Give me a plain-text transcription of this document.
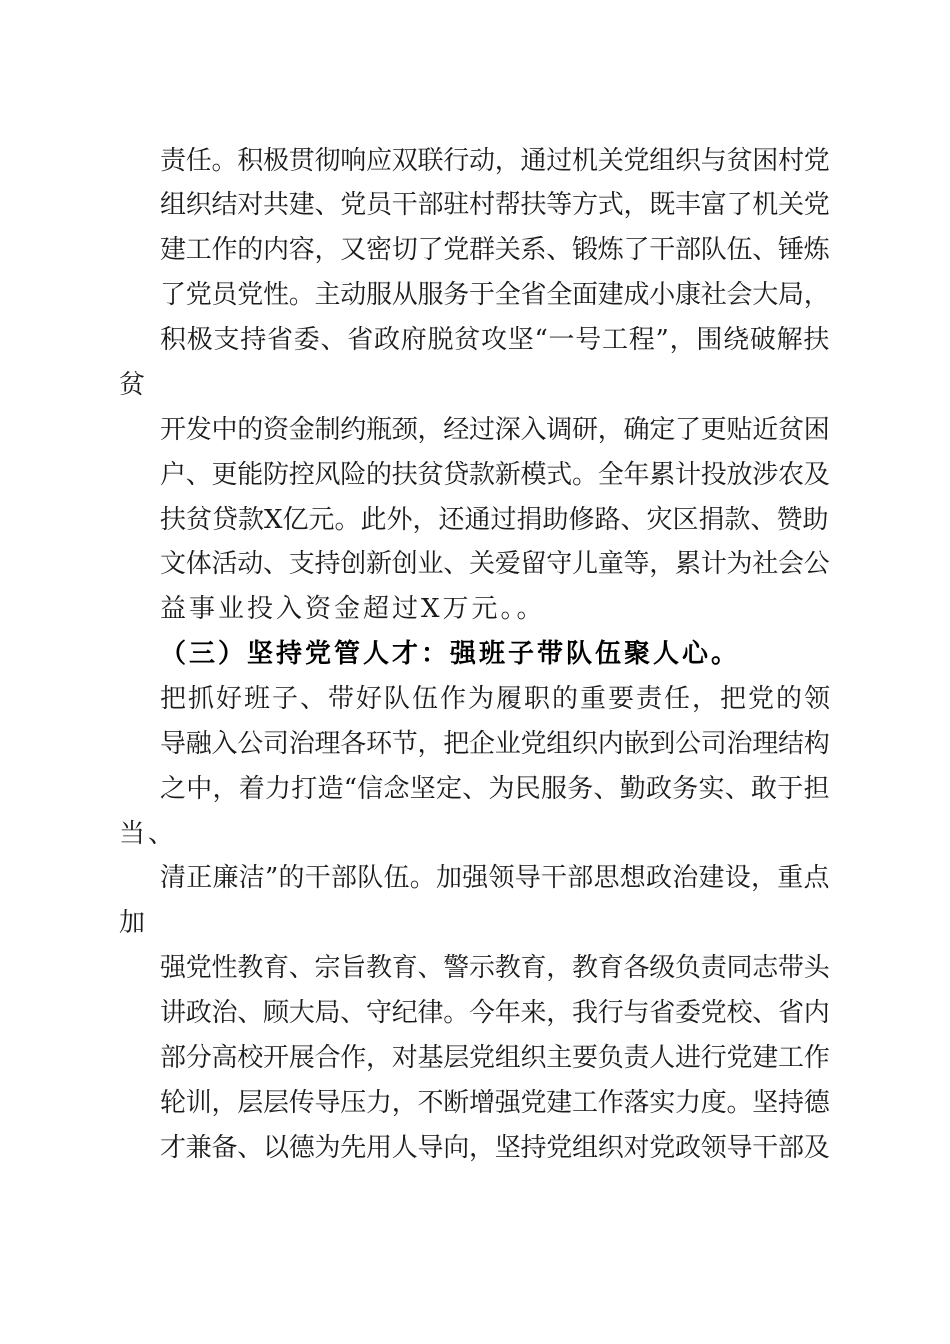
责任。积极贯彻响应双联行动，通过机关党组织与贫困村党

组织结对共建、党员干部驻村帮扶等方式，既丰富了机关党

建工作的内容，又密切了党群关系、锻炼了干部队伍、锤炼

了党员党性。主动服从服务于全省全面建成小康社会大局，

积极支持省委、省政府脱贫攻坚“一号工程”，围绕破解扶

贫

开发中的资金制约瓶颈，经过深入调研，确定了更贴近贫困

户、更能防控风险的扶贫贷款新模式。全年累计投放涉农及

扶贫贷款X亿元。此外，还通过捐助修路、灾区捐款、赞助

文体活动、支持创新创业、关爱留守儿童等，累计为社会公

益事业投入资金超过X万元。。

（三）坚持党管人才：强班子带队伍聚人心。

把抓好班子、带好队伍作为履职的重要责任，把党的领

导融入公司治理各环节，把企业党组织内嵌到公司治理结构

之中，着力打造“信念坚定、为民服务、勤政务实、敢于担

当、

清正廉洁”的干部队伍。加强领导干部思想政治建设，重点

加

强党性教育、宗旨教育、警示教育，教育各级负责同志带头

讲政治、顾大局、守纪律。今年来，我行与省委党校、省内

部分高校开展合作，对基层党组织主要负责人进行党建工作

轮训，层层传导压力，不断增强党建工作落实力度。坚持德

才兼备、以德为先用人导向，坚持党组织对党政领导干部及
